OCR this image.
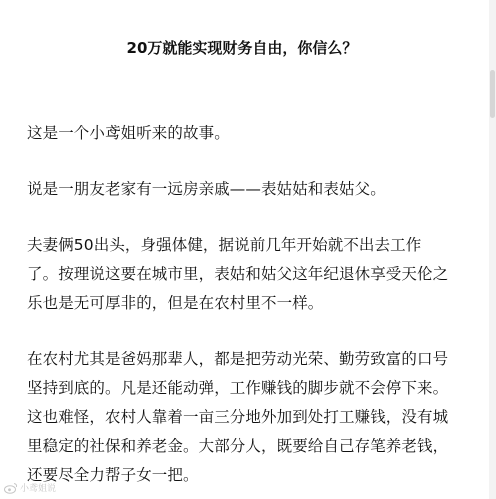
20万就能实现财务自由，你信么？

这是一个小鸢姐听来的故事。

说是一朋友老家有一远房亲戚——表姑姑和表姑父。

夫妻俩50出头，身强体健，据说前几年开始就不出去工作
了。按理说这要在城市里，表姑和姑父这年纪退休享受天伦之
乐也是无可厚非的，但是在农村里不一样。

在农村尤其是爸妈那辈人，都是把劳动光荣、勤劳致富的口号
坚持到底的。凡是还能动弹，工作赚钱的脚步就不会停下来。
这也难怪，农村人靠着一亩三分地外加到处打工赚钱，没有城
里稳定的社保和养老金。大部分人，既要给自己存笔养老钱，
还要尽全力帮子女一把。

小鸢姐说
